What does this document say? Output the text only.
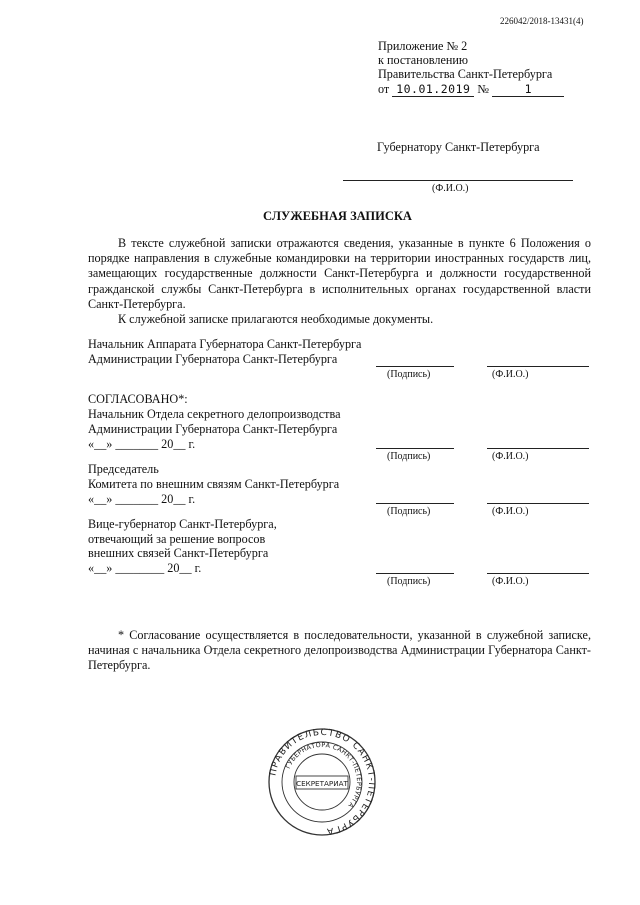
226042/2018-13431(4)
Приложение № 2
к постановлению
Правительства Санкт-Петербурга
от 10.01.2019 №	1
Губернатору Санкт-Петербурга
(Ф.И.О.)
СЛУЖЕБНАЯ ЗАПИСКА

В тексте служебной записки отражаются сведения, указанные в пункте 6 Положения о порядке направления в служебные командировки на территории иностранных государств лиц, замещающих государственные должности Санкт-Петербурга и должности государственной гражданской службы Санкт-Петербурга в исполнительных органах государственной власти Санкт-Петербурга.

К служебной записке прилагаются необходимые документы.

Начальник Аппарата Губернатора Санкт-Петербурга
Администрации Губернатора Санкт-Петербурга
(Подпись)	(Ф.И.О.)
СОГЛАСОВАНО*:
Начальник Отдела секретного делопроизводства
Администрации Губернатора Санкт-Петербурга
«__» _______ 20__ г.
(Подпись)	(Ф.И.О.)
Председатель
Комитета по внешним связям Санкт-Петербурга
«__» _______ 20__ г.
(Подпись)	(Ф.И.О.)
Вице-губернатор Санкт-Петербурга,
отвечающий за решение вопросов
внешних связей Санкт-Петербурга
«__» ________ 20__ г.
(Подпись)	(Ф.И.О.)

* Согласование осуществляется в последовательности, указанной в служебной записке, начиная с начальника Отдела секретного делопроизводства Администрации Губернатора Санкт-Петербурга.

ПРАВИТЕЛЬСТВО САНКТ-ПЕТЕРБУРГА
ГУБЕРНАТОРА САНКТ-ПЕТЕРБУРГА
СЕКРЕТАРИАТ
